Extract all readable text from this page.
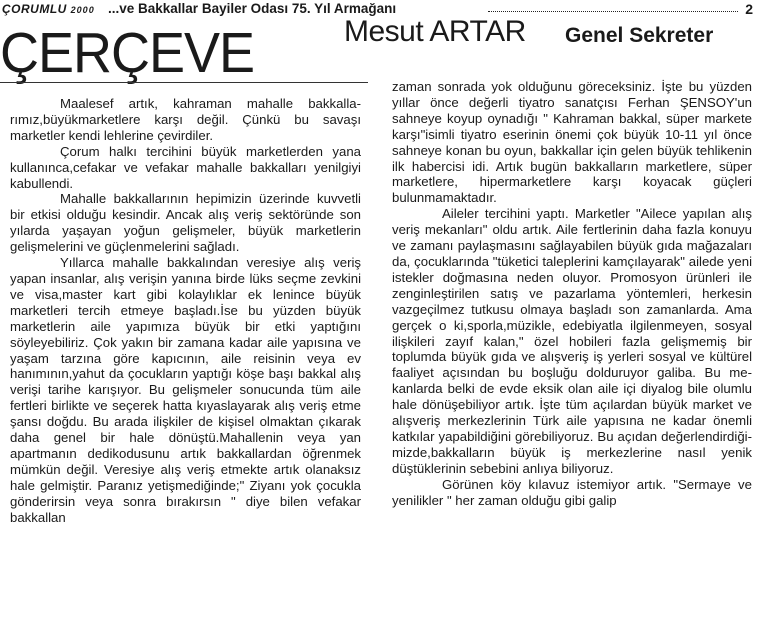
ÇORUMLU 2000 ...ve Bakkallar Bayiler Odası 75. Yıl Armağanı	2
ÇERÇEVE	Mesut ARTAR Genel Sekreter

Maalesef artık, kahraman mahalle bakkallarımız,büyükmarketlere karşı değil. Çünkü bu savaşı marketler kendi lehlerine çevirdiler.

Çorum halkı tercihini büyük marketlerden yana kullanınca,cefakar ve vefakar mahalle bakkalları yenilgiyi kabullendi.

Mahalle bakkallarının hepimizin üzerinde kuvvetli bir etkisi olduğu kesindir. Ancak alış veriş sektöründe son yılarda yaşayan yoğun gelişmeler, büyük marketlerin gelişmelerini ve güçlenmelerini sağladı.

Yıllarca mahalle bakkalından veresiye alış veriş yapan insanlar, alış verişin yanına birde lüks seçme zevkini ve visa,master kart gibi kolaylıklar ek lenince büyük marketleri tercih etmeye başladı.İse bu yüzden büyük marketlerin aile yapımıza büyük bir etki yaptığını söyleyebiliriz. Çok yakın bir zamana kadar aile yapısına ve yaşam tarzına göre kapıcının, aile reisinin veya ev hanımının,yahut da çocukların yaptığı köşe başı bakkal alış verişi tarihe karışıyor. Bu gelişmeler sonucunda tüm aile fertleri birlikte ve seçerek hatta kıyaslayarak alış veriş etme şansı doğdu. Bu arada ilişkiler de kişisel olmaktan çıkarak daha genel bir hale dönüştü.Mahallenin veya yan apartmanın dedikodusunu artık bakkallardan öğrenmek mümkün değil. Veresiye alış veriş etmekte artık olanaksız hale gelmiştir. Paranız yetişmediğinde;" Ziyanı yok çocukla gönderirsin veya sonra bırakırsın " diye bilen vefakar bakkallan

zaman sonrada yok olduğunu göreceksiniz. İşte bu yüzden yıllar önce değerli tiyatro sanatçısı Ferhan ŞENSOY'un sahneye koyup oynadığı " Kahraman bakkal, süper markete karşı"isimli tiyatro eserinin önemi çok büyük 10-11 yıl önce sahneye konan bu oyun, bakkallar için gelen büyük tehlikenin ilk habercisi idi. Artık bugün bakkalların marketlere, süper marketlere, hipermarketlere karşı koyacak güçleri bulunmamaktadır.

Aileler tercihini yaptı. Marketler "Ailece yapılan alış veriş mekanları" oldu artık. Aile fertlerinin daha fazla konuyu ve zamanı paylaşmasını sağlayabilen büyük gıda mağazaları da, çocuklarında "tüketici taleplerini kamçılayarak" ailede yeni istekler doğmasına neden oluyor. Promosyon ürünleri ile zenginleştirilen satış ve pazarlama yöntemleri, herkesin vazgeçilmez tutkusu olmaya başladı son zamanlarda. Ama gerçek o ki,sporla,müzikle, edebiyatla ilgilenmeyen, sosyal ilişkileri zayıf kalan," özel hobileri fazla gelişmemiş bir toplumda büyük gıda ve alışveriş iş yerleri sosyal ve kültürel faaliyet açısından bu boşluğu dolduruyor galiba. Bu mekanlarda belki de evde eksik olan aile içi diyalog bile olumlu hale dönüşebiliyor artık. İşte tüm açılardan büyük market ve alışveriş merkezlerinin Türk aile yapısına ne kadar önemli katkılar yapabildiğini görebiliyoruz. Bu açıdan değerlendirdiğimizde,bakkalların büyük iş merkezlerine nasıl yenik düştüklerinin sebebini anlıya biliyoruz.

Görünen köy kılavuz istemiyor artık. "Sermaye ve yenilikler " her zaman olduğu gibi galip
